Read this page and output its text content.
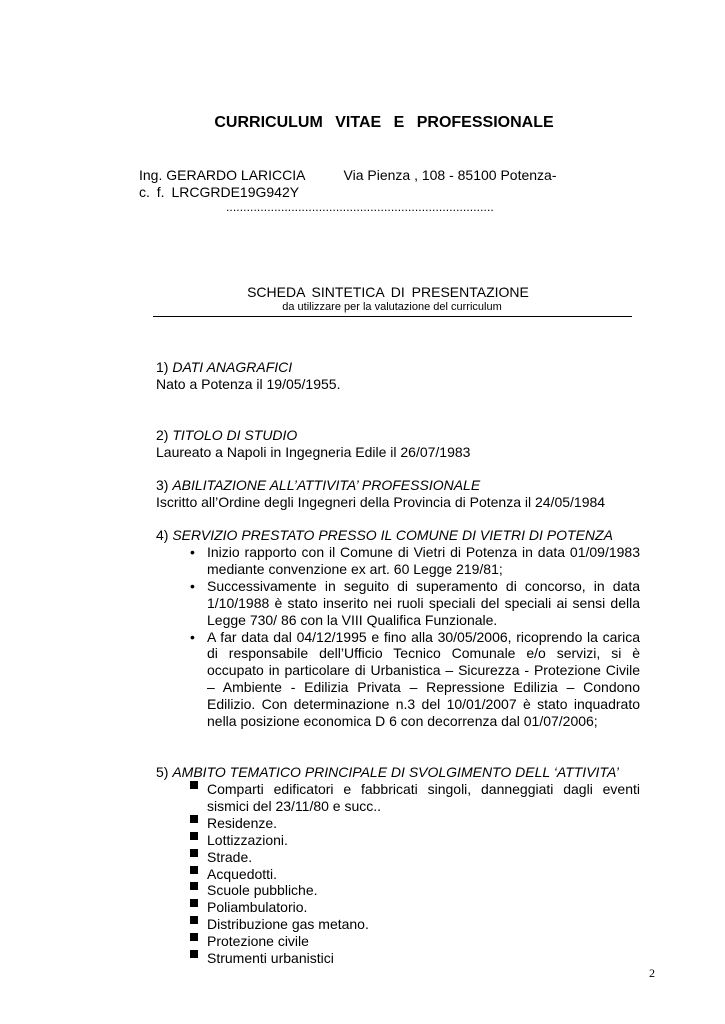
CURRICULUM VITAE E PROFESSIONALE
Ing. GERARDO LARICCIA	Via Pienza , 108 - 85100 Potenza-
c. f. LRCGRDE19G942Y
..............................................................................
SCHEDA SINTETICA DI PRESENTAZIONE
da utilizzare per la valutazione del curriculum
1) DATI ANAGRAFICI
Nato a Potenza il 19/05/1955.
2) TITOLO DI STUDIO
Laureato a Napoli in Ingegneria Edile il 26/07/1983
3) ABILITAZIONE ALL’ATTIVITA’ PROFESSIONALE
Iscritto all’Ordine degli Ingegneri della Provincia di Potenza il 24/05/1984
4) SERVIZIO PRESTATO PRESSO IL COMUNE DI VIETRI DI POTENZA
•
Inizio rapporto con il Comune di Vietri di Potenza in data 01/09/1983 mediante convenzione ex art. 60 Legge 219/81;
•
Successivamente in seguito di superamento di concorso, in data 1/10/1988 è stato inserito nei ruoli speciali del speciali ai sensi della Legge 730/ 86 con la VIII Qualifica Funzionale.
•
A far data dal 04/12/1995 e fino alla 30/05/2006, ricoprendo la carica di responsabile dell’Ufficio Tecnico Comunale e/o servizi, si è occupato in particolare di Urbanistica – Sicurezza - Protezione Civile – Ambiente - Edilizia Privata – Repressione Edilizia – Condono Edilizio. Con determinazione n.3 del 10/01/2007 è stato inquadrato nella posizione economica D 6 con decorrenza dal 01/07/2006;
5) AMBITO TEMATICO PRINCIPALE DI SVOLGIMENTO DELL ‘ATTIVITA’
Comparti edificatori e fabbricati singoli, danneggiati dagli eventi sismici del 23/11/80 e succ..
Residenze.
Lottizzazioni.
Strade.
Acquedotti.
Scuole pubbliche.
Poliambulatorio.
Distribuzione gas metano.
Protezione civile
Strumenti urbanistici
2
